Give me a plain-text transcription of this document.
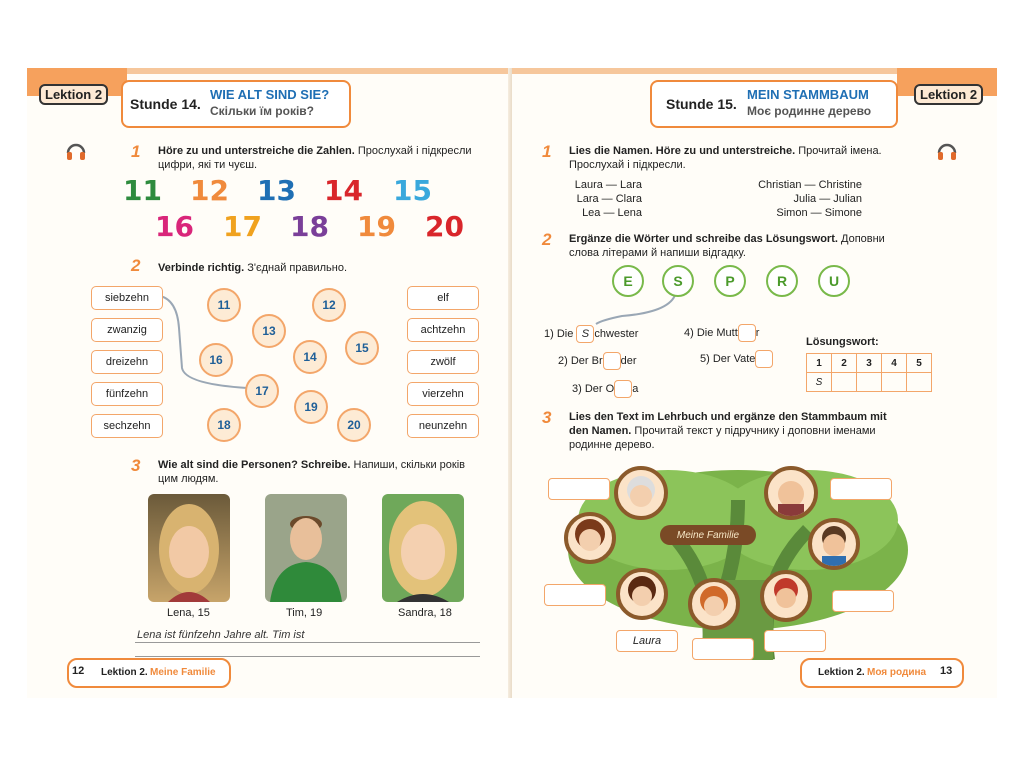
Lektion 2
Stunde 14.
WIE ALT SIND SIE?
Скільки їм років?
1 Höre zu und unterstreiche die Zahlen. Прослухай і підкресли цифри, які ти чуєш.
11 12 13 14 15
16 17 18 19 20
2 Verbinde richtig. З'єднай правильно.
siebzehn
zwanzig
dreizehn
fünfzehn
sechzehn
elf
achtzehn
zwölf
vierzehn
neunzehn
11	12
13
14
15
16
17
18
19
20
3 Wie alt sind die Personen? Schreibe. Напиши, скільки років цим людям.
Lena, 15	Tim, 19	Sandra, 18
Lena ist fünfzehn Jahre alt. Tim ist
12 Lektion 2. Meine Familie
Lektion 2
Stunde 15.
MEIN STAMMBAUM
Моє родинне дерево
1 Lies die Namen. Höre zu und unterstreiche. Прочитай імена. Прослухай і підкресли.
Laura — Lara	Christian — Christine
Lara — Clara	Julia — Julian
Lea — Lena	Simon — Simone
2 Ergänze die Wörter und schreibe das Lösungswort. Доповни слова літерами й напиши відгадку.
E	S	P	R	U
1) Die S chwester
2) Der Br der
3) Der O a
4) Die Mutt r
5) Der Vate
Lösungswort:
1	2	3	4	5
S				
3 Lies den Text im Lehrbuch und ergänze den Stammbaum mit den Namen. Прочитай текст у підручнику і доповни іменами родинне дерево.
Meine Familie
Laura
Lektion 2. Моя родина 13
